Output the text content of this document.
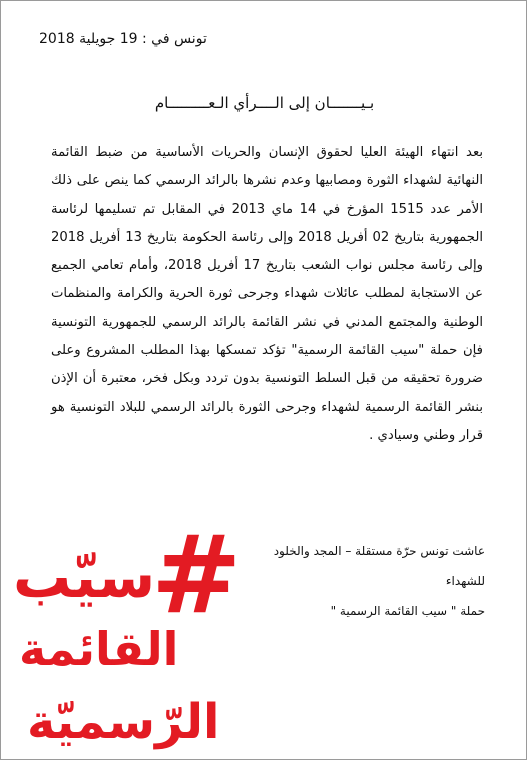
تونس في : 19 جويلية 2018
بـيـــــــان إلى الــــرأي الـعـــــــــام
بعد انتهاء الهيئة العليا لحقوق الإنسان والحريات الأساسية من ضبط القائمة النهائية لشهداء الثورة ومصابيها وعدم نشرها بالرائد الرسمي كما ينص على ذلك الأمر عدد 1515 المؤرخ في 14 ماي 2013 في المقابل تم تسليمها لرئاسة الجمهورية بتاريخ 02 أفريل 2018 وإلى رئاسة الحكومة بتاريخ 13 أفريل 2018 وإلى رئاسة مجلس نواب الشعب بتاريخ 17 أفريل 2018، وأمام تعامي الجميع عن الاستجابة لمطلب عائلات شهداء وجرحى ثورة الحرية والكرامة والمنظمات الوطنية والمجتمع المدني في نشر القائمة بالرائد الرسمي للجمهورية التونسية فإن حملة "سيب القائمة الرسمية" تؤكد تمسكها بهذا المطلب المشروع وعلى ضرورة تحقيقه من قبل السلط التونسية بدون تردد وبكل فخر، معتبرة أن الإذن بنشر القائمة الرسمية لشهداء وجرحى الثورة بالرائد الرسمي للبلاد التونسية هو قرار وطني وسيادي .
عاشت تونس حرّة مستقلة – المجد والخلود للشهداء
حملة " سيب القائمة الرسمية "
#
سيّب
القائمة
الرّسميّة
